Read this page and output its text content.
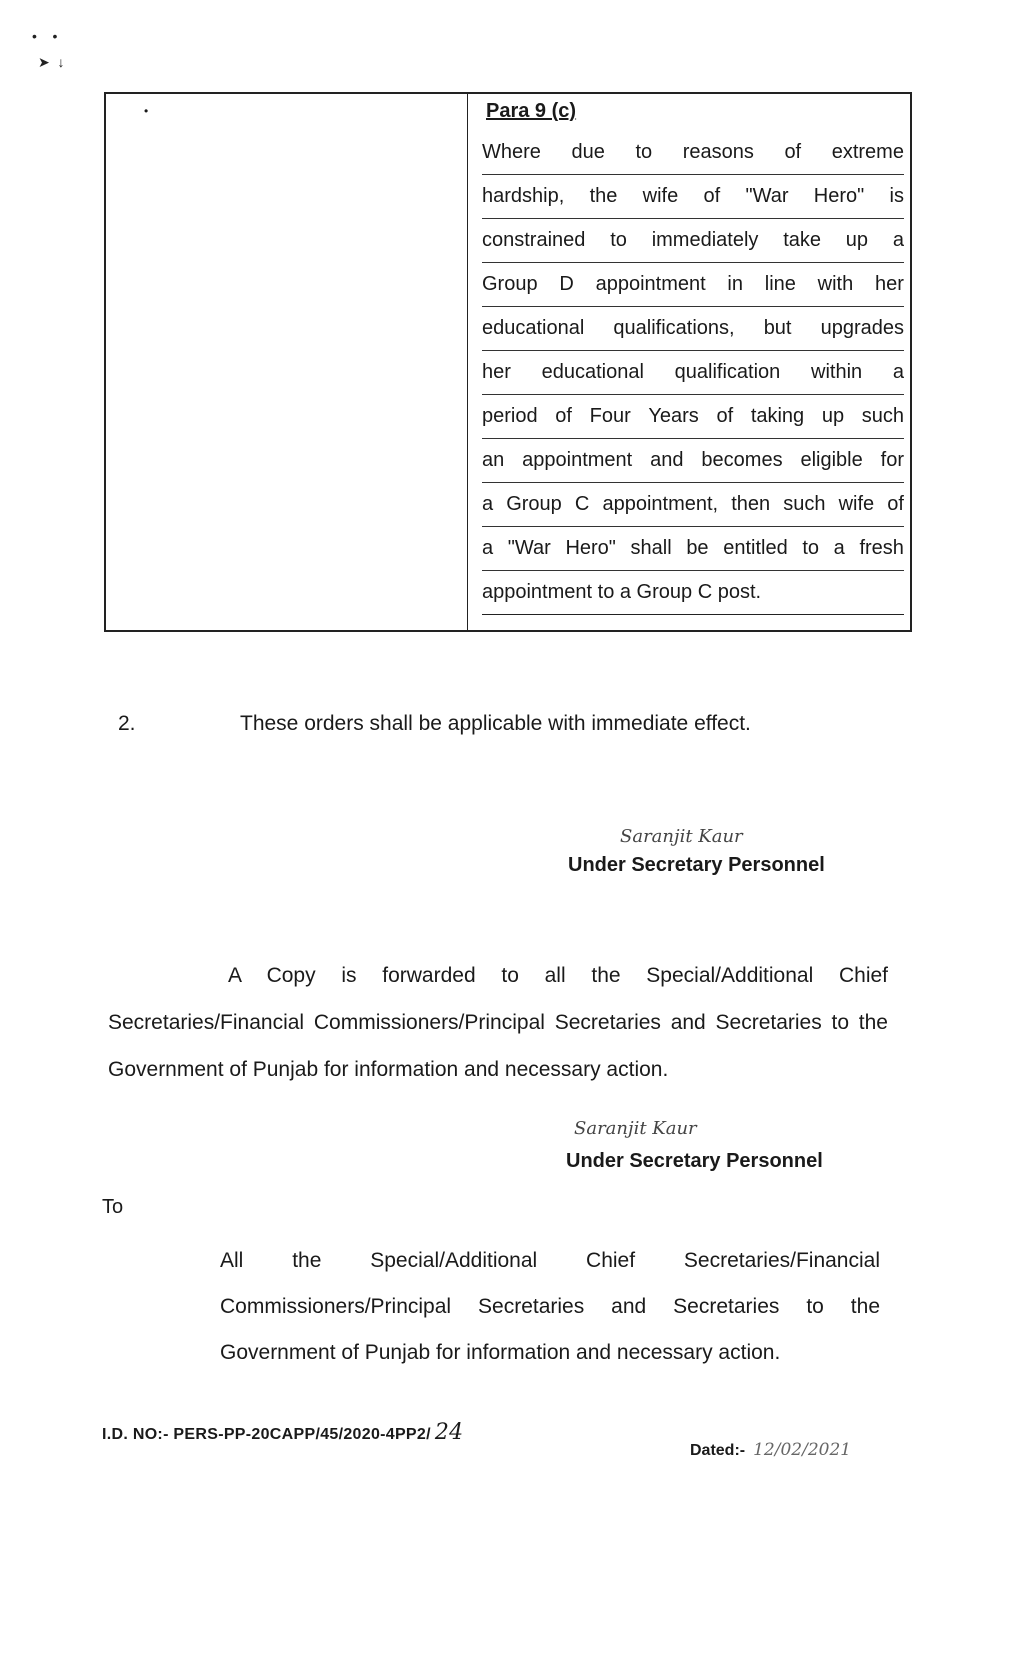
•    •
➤  ↓
•	Para 9 (c)
Where due to reasons of extreme
hardship, the wife of "War Hero" is
constrained to immediately take up a
Group D appointment in line with her
educational qualifications, but upgrades
her educational qualification within a
period of Four Years of taking up such
an appointment and becomes eligible for
a Group C appointment, then such wife of
a "War Hero" shall be entitled to a fresh
appointment to a Group C post.
2.	These orders shall be applicable with immediate effect.
Saranjit Kaur
Under Secretary Personnel
A Copy is forwarded to all the Special/Additional Chief Secretaries/Financial Commissioners/Principal Secretaries and Secretaries to the Government of Punjab for information and necessary action.
Saranjit Kaur
Under Secretary Personnel
To
All the Special/Additional Chief Secretaries/Financial Commissioners/Principal Secretaries and Secretaries to the Government of Punjab for information and necessary action.
I.D. NO:- PERS-PP-20CAPP/45/2020-4PP2/ 24
Dated:- 12/02/2021
